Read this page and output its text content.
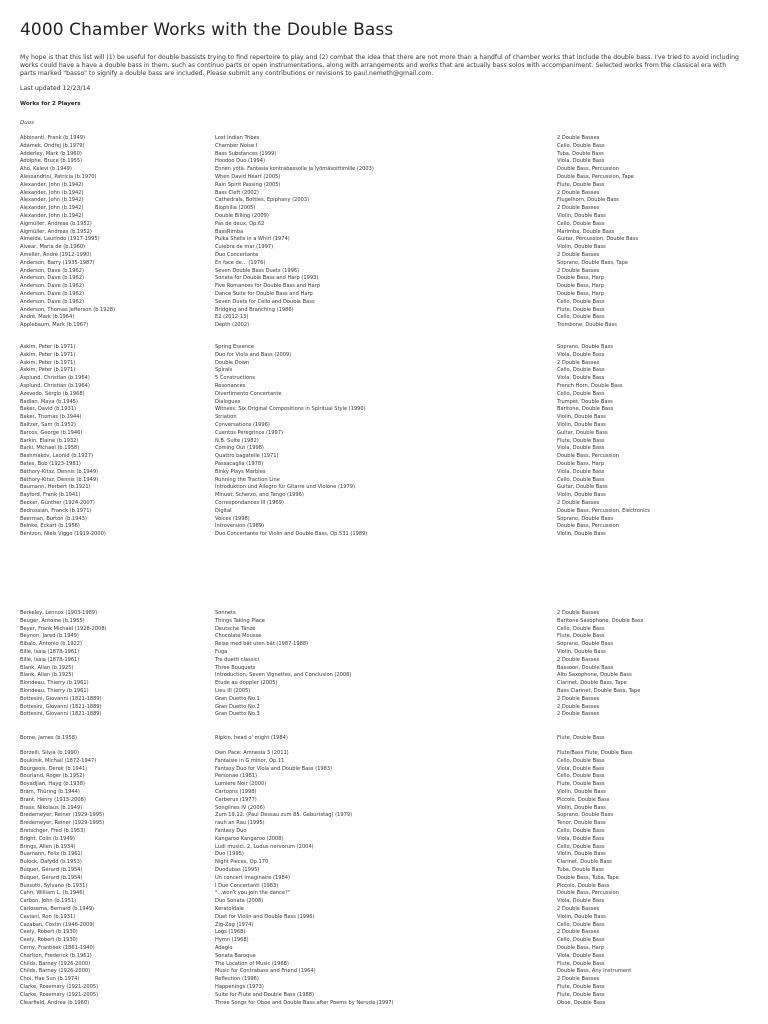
4000 Chamber Works with the Double Bass

My hope is that this list will (1) be useful for double bassists trying to find repertoire to play and (2) combat the idea that there are not more than a handful of chamber works that include the double bass. I've tried to avoid including works could have a have a double bass in them, such as continuo parts or open instrumentations, along with arrangements and works that are actually bass solos with accompaniment. Selected works from the classical era with parts marked "basso" to signify a double bass are included. Please submit any contributions or revisions to paul.nemeth@gmail.com.

Last updated 12/23/14
Works for 2 Players
Duos
Abbinanti, Frank (b.1949)	Lost Indian Tribes	2 Double Basses
Adámek, Ondřej (b.1979)	Chamber Noise I	Cello, Double Bass
Adderley, Mark (b.1960)	Bass Substances (1999)	Tuba, Double Bass
Adolphe, Bruce (b.1955)	Hoodoo Duo (1994)	Viola, Double Bass
Aho, Kalevi (b.1949)	Ennen yötä. Fantasia kontrabassolle ja lyömäsoittimille (2003)	Double Bass, Percussion
Alessandrini, Patricia (b.1970)	When David Heart (2005)	Double Bass, Percussion, Tape
Alexander, John (b.1942)	Rain Spirit Passing (2005)	Flute, Double Bass
Alexander, John (b.1942)	Bass Cleft (2002)	2 Double Basses
Alexander, John (b.1942)	Cathedrals, Bottles, Epiphany (2003)	Flugelhorn, Double Bass
Alexander, John (b.1942)	Biophilia (2005)	2 Double Basses
Alexander, John (b.1942)	Double Billing (2009)	Violin, Double Bass
Aigmüller, Andreas (b.1952)	Pas de deux, Op.62	Cello, Double Bass
Aigmüller, Andreas (b.1952)	BassRimba	Marimba, Double Bass
Almeida, Laurindo (1917-1995)	Pulka Shells in a Whirl (1974)	Guitar, Percussion, Double Bass
Alvear, Maria de (b.1960)	Culebra de mar (1997)	Violin, Double Bass
Amellér, André (1912-1990)	Duo Concertante	2 Double Basses
Anderson, Barry (1935-1987)	En face de... (1976)	Soprano, Double Bass, Tape
Anderson, Dave (b.1962)	Seven Double Bass Duets (1996)	2 Double Basses
Anderson, Dave (b.1962)	Sonata for Double Bass and Harp (1993)	Double Bass, Harp
Anderson, Dave (b.1962)	Five Romances for Double Bass and Harp	Double Bass, Harp
Anderson, Dave (b.1962)	Dance Suite for Double Bass and Harp	Double Bass, Harp
Anderson, Dave (b.1962)	Seven Duets for Cello and Double Bass	Cello, Double Bass
Anderson, Thomas Jefferson (b.1928)	Bridging and Branching (1986)	Flute, Double Bass
André, Mark (b.1964)	E2 (2012-13)	Cello, Double Bass
Applebaum, Mark (b.1967)	Depth (2002)	Trombone, Double Bass
Askim, Peter (b.1971)	Spring Essence	Soprano, Double Bass
Askim, Peter (b.1971)	Duo for Viola and Bass (2009)	Viola, Double Bass
Askim, Peter (b.1971)	Double Down	2 Double Basses
Askim, Peter (b.1971)	Spirals	Cello, Double Bass
Asplund, Christian (b.1964)	5 Constructions	Viola, Double Bass
Asplund, Christian (b.1964)	Resonances	French Horn, Double Bass
Azevedo, Sérgio (b.1968)	Divertimento Concertante	Cello, Double Bass
Badian, Maya (b.1945)	Dialogues	Trumpet, Double Bass
Baker, David (b.1931)	Witness: Six Original Compositions in Spiritual Style (1990)	Baritone, Double Bass
Baker, Thomas (b.1944)	Striation	Violin, Double Bass
Baltzer, Sam (b.1952)	Conversations (1996)	Violin, Double Bass
Barcos, George (b.1946)	Cuentos Peregrinos (1997)	Guitar, Double Bass
Barkin, Elaine (b.1932)	N.B. Suite (1982)	Flute, Double Bass
Barki, Michael (b.1958)	Coming Out (1998)	Viola, Double Bass
Bashmakov, Leonid (b.1927)	Quattro bagatelle (1971)	Double Bass, Percussion
Bates, Bob (1923-1981)	Passacaglia (1978)	Double Bass, Harp
Báthory-Kitsz, Dennis (b.1949)	Binky Plays Marbles	Viola, Double Bass
Báthory-Kitsz, Dennis (b.1949)	Running the Traction Line	Cello, Double Bass
Baumann, Herbert (b.1921)	Introduktion und Allegro für Gitarre und Violone (1979)	Guitar, Double Bass
Bayford, Frank (b.1941)	Minuet, Scherzo, and Tango (1996)	Violin, Double Bass
Becker, Günther (1924-2007)	Correspondances III (1969)	2 Double Basses
Bedrossian, Franck (b.1971)	Digital	Double Bass, Percussion, Electronics
Beerman, Burton (b.1943)	Voices (1998)	Soprano, Double Bass
Beinke, Eckart (b.1956)	Introversion (1989)	Double Bass, Percussion
Bentzon, Niels Viggo (1919-2000)	Duo Concertante for Violin and Double Bass, Op.531 (1989)	Violin, Double Bass
Berkeley, Lennox (1903-1989)	Sonnets	2 Double Basses
Beuger, Antoine (b.1955)	Things Taking Place	Baritone Saxophone, Double Bass
Beyer, Frank Michael (1928-2008)	Deutsche Tänze	Cello, Double Bass
Beynon, Jared (b.1949)	Chocolate Mousse	Flute, Double Bass
Bibalo, Antonio (b.1922)	Reise med båt uten båt (1987-1988)	Soprano, Double Bass
Billé, Isaia (1878-1961)	Fuga	Violin, Double Bass
Billé, Isaia (1878-1961)	Tre duetti classici	2 Double Basses
Blank, Allan (b.1925)	Three Bouquets	Bassoon, Double Bass
Blank, Allan (b.1925)	Introduction, Seven Vignettes, and Conclusion (2008)	Alto Saxophone, Double Bass
Blondeau, Thierry (b.1961)	Étude au doppler (2005)	Clarinet, Double Bass, Tape
Blondeau, Thierry (b.1961)	Lieu III (2005)	Bass Clarinet, Double Bass, Tape
Bottesini, Giovanni (1821-1889)	Gran Duetto No.1	2 Double Basses
Bottesini, Giovanni (1821-1889)	Gran Duetto No.2	2 Double Basses
Bottesini, Giovanni (1821-1889)	Gran Duetto No.3	2 Double Basses
Borne, James (b.1958)	Ripkin, head o' might (1984)	Flute, Double Bass
Borzelli, Silvia (b.1990)	Own Pace: Amnesia 3 (2011)	Flute/Bass Flute, Double Bass
Boukinik, Michail (1872-1947)	Fantaisie in G minor, Op.11	Cello, Double Bass
Bourgeois, Derek (b.1941)	Fantasy Duo for Viola and Double Bass (1983)	Viola, Double Bass
Bourland, Roger (b.1952)	Personae (1981)	Cello, Double Bass
Boyadjian, Hayg (b.1938)	Lumiere Noir (2000)	Flute, Double Bass
Bräm, Thüring (b.1944)	Cartoons (1998)	Violin, Double Bass
Brant, Henry (1913-2008)	Cerberus (1977)	Piccolo, Double Bass
Brass, Nikolaus (b.1949)	Songlines IV (2006)	Violin, Double Bass
Bredemeyer, Reiner (1929-1995)	Zum 19.12. (Paul Dessau zum 85. Geburtstag) (1979)	Soprano, Double Bass
Bredemeyer, Reiner (1929-1995)	rauh an Rau (1995)	Tenor, Double Bass
Bretschger, Fred (b.1953)	Fantasy Duo	Cello, Double Bass
Bright, Colin (b.1949)	Kangaroo Kangaroo (2008)	Viola, Double Bass
Brings, Allen (b.1934)	Ludi musici. 2, Ludus nervorum (2004)	Cello, Double Bass
Buamann, Felix (b.1961)	Duo (1995)	Violin, Double Bass
Bulock, Dafydd (b.1953)	Night Pieces, Op.170	Clarinet, Double Bass
Buquet, Gérard (b.1954)	Duodubas (1995)	Tuba, Double Bass
Buquet, Gérard (b.1954)	Un concert imaginaire (1984)	Double Bass, Tuba, Tape
Bussotti, Sylvano (b.1931)	I Due Concertanti (1983)	Piccolo, Double Bass
Cahn, William L. (b.1946)	"...won't you join the dance?"	Double Bass, Percussion
Carbon, John (b.1951)	Duo Sonata (2008)	Viola, Double Bass
Carlosema, Bernard (b.1949)	Keratoidale	2 Double Basses
Caviani, Ron (b.1931)	Duet for Violin and Double Bass (1996)	Violin, Double Bass
Cazaban, Costin (1946-2009)	Zig-Zag (1974)	Cello, Double Bass
Ceely, Robert (b.1930)	Logs (1968)	2 Double Basses
Ceely, Robert (b.1930)	Hymn (1968)	Cello, Double Bass
Černý, František (1861-1940)	Adagio	Double Bass, Harp
Charlton, Frederick (b.1961)	Sonata Baroque	Viola, Double Bass
Childs, Barney (1926-2000)	The Location of Music (1968)	Flute, Double Bass
Childs, Barney (1926-2000)	Music for Contrabass and Friend (1964)	Double Bass, Any Instrument
Choi, Hae Sun (b.1974)	Reflection (1996)	2 Double Basses
Clarke, Rosemary (1921-2005)	Happenings (1973)	Flute, Double Bass
Clarke, Rosemary (1921-2005)	Suite for Flute and Double Bass (1988)	Flute, Double Bass
Clearfield, Andrea (b.1960)	Three Songs for Oboe and Double Bass after Poems by Neruda (1997)	Oboe, Double Bass
